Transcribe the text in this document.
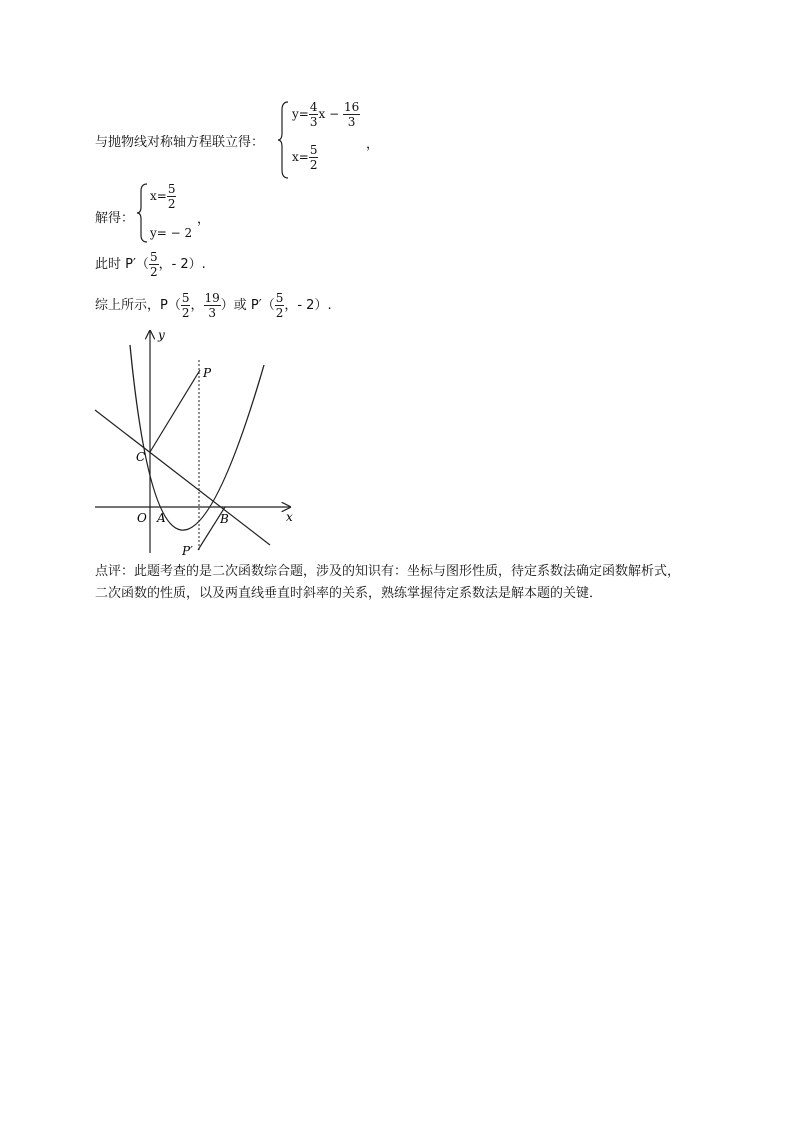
与抛物线对称轴方程联立得：
$y= \frac{4}{3}$ $x - \frac{16}{3}$
，
$x= \frac{5}{2}$
解得：
$x= \frac{5}{2}$
，
y= − 2
此时 $P'( \frac{5}{2}$ ，- 2）.
综上所示，$P( \frac{5}{2}$ ， $\frac{19}{3}$ ）或 $P'( \frac{5}{2}$ ，- 2）.
y
x
P
C
O A	B
P′
点评：此题考查的是二次函数综合题，涉及的知识有：坐标与图形性质，待定系数法确定函数解析式，
二次函数的性质，以及两直线垂直时斜率的关系，熟练掌握待定系数法是解本题的关键．
